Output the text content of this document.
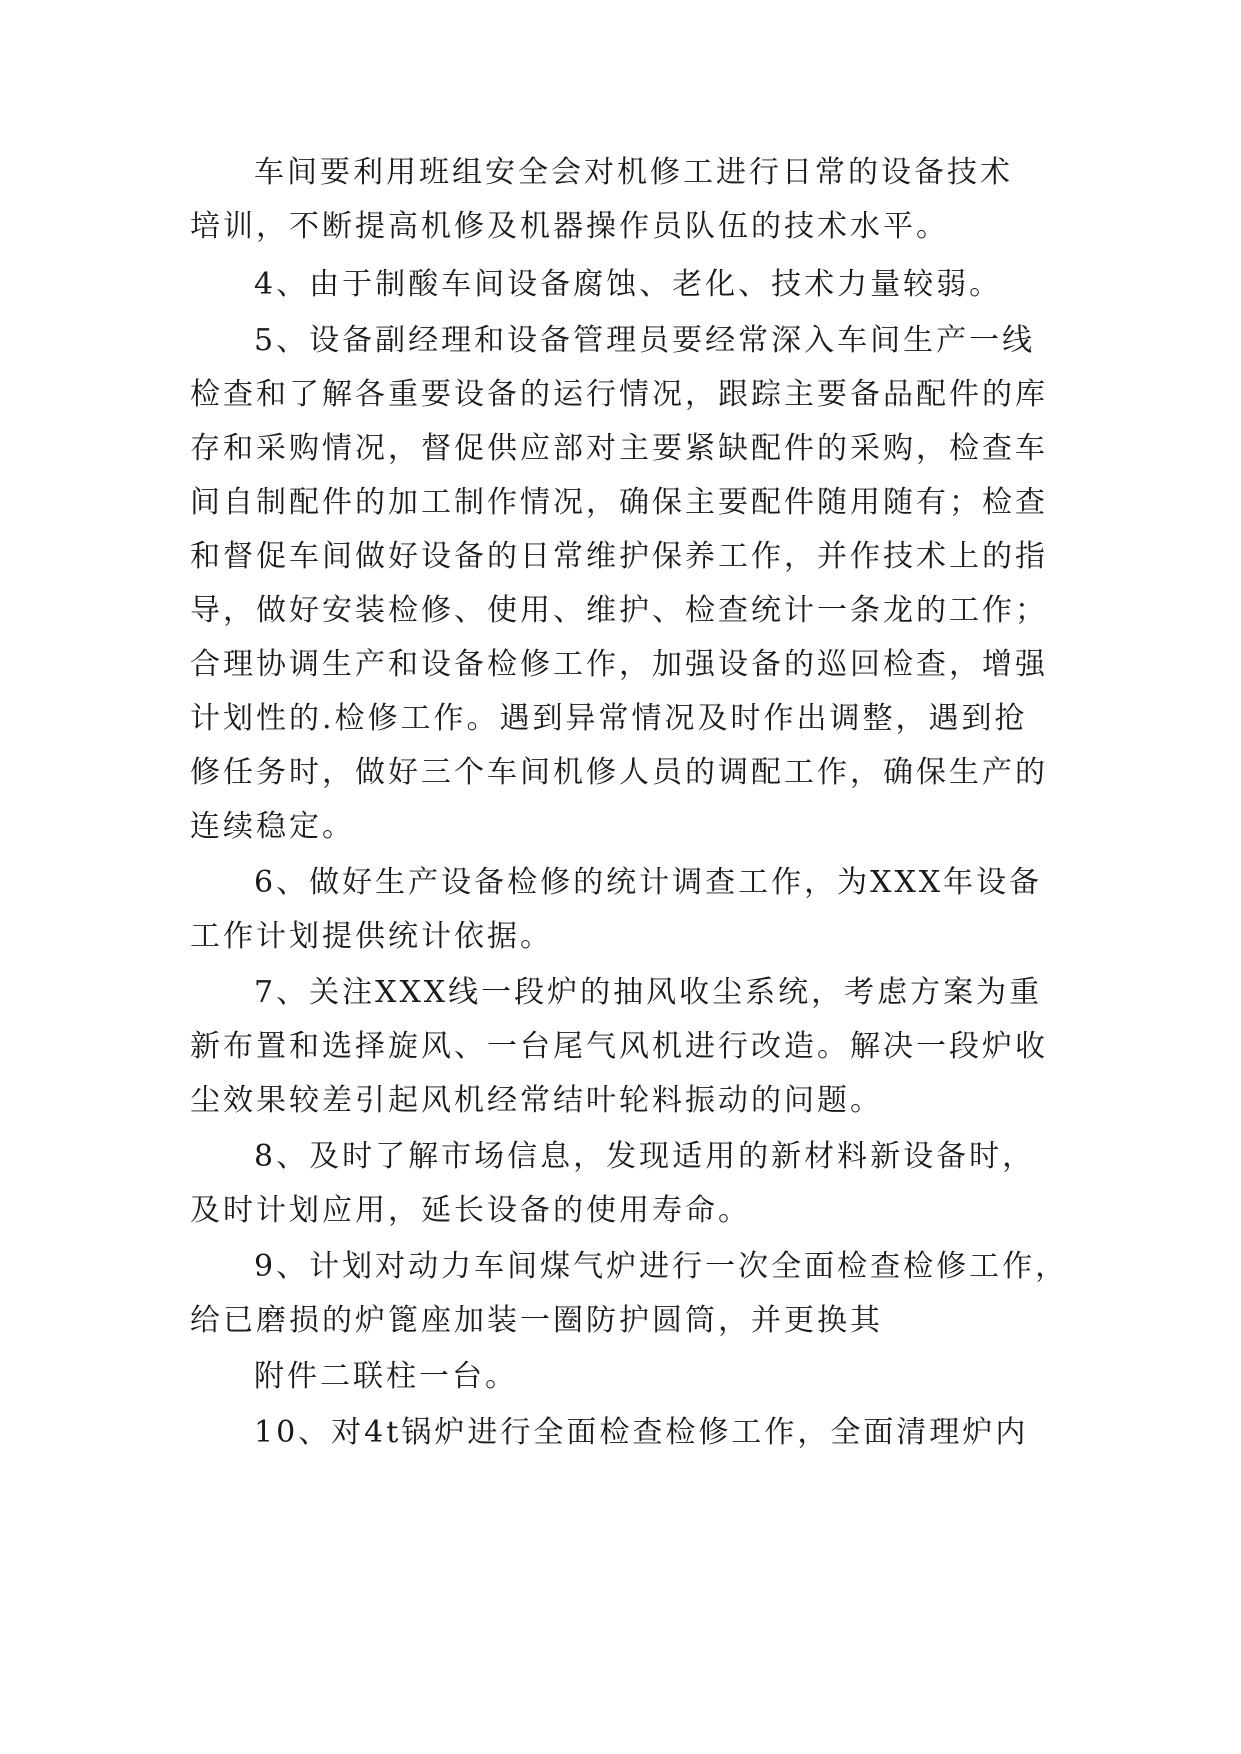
车间要利用班组安全会对机修工进行日常的设备技术
培训，不断提高机修及机器操作员队伍的技术水平。
4、由于制酸车间设备腐蚀、老化、技术力量较弱。
5、设备副经理和设备管理员要经常深入车间生产一线
检查和了解各重要设备的运行情况，跟踪主要备品配件的库
存和采购情况，督促供应部对主要紧缺配件的采购，检查车
间自制配件的加工制作情况，确保主要配件随用随有；检查
和督促车间做好设备的日常维护保养工作，并作技术上的指
导，做好安装检修、使用、维护、检查统计一条龙的工作；
合理协调生产和设备检修工作，加强设备的巡回检查，增强
计划性的.检修工作。遇到异常情况及时作出调整，遇到抢
修任务时，做好三个车间机修人员的调配工作，确保生产的
连续稳定。
6、做好生产设备检修的统计调查工作，为XXX年设备
工作计划提供统计依据。
7、关注XXX线一段炉的抽风收尘系统，考虑方案为重
新布置和选择旋风、一台尾气风机进行改造。解决一段炉收
尘效果较差引起风机经常结叶轮料振动的问题。
8、及时了解市场信息，发现适用的新材料新设备时，
及时计划应用，延长设备的使用寿命。
9、计划对动力车间煤气炉进行一次全面检查检修工作，
给已磨损的炉篦座加装一圈防护圆筒，并更换其
附件二联柱一台。
10、对4t锅炉进行全面检查检修工作，全面清理炉内
